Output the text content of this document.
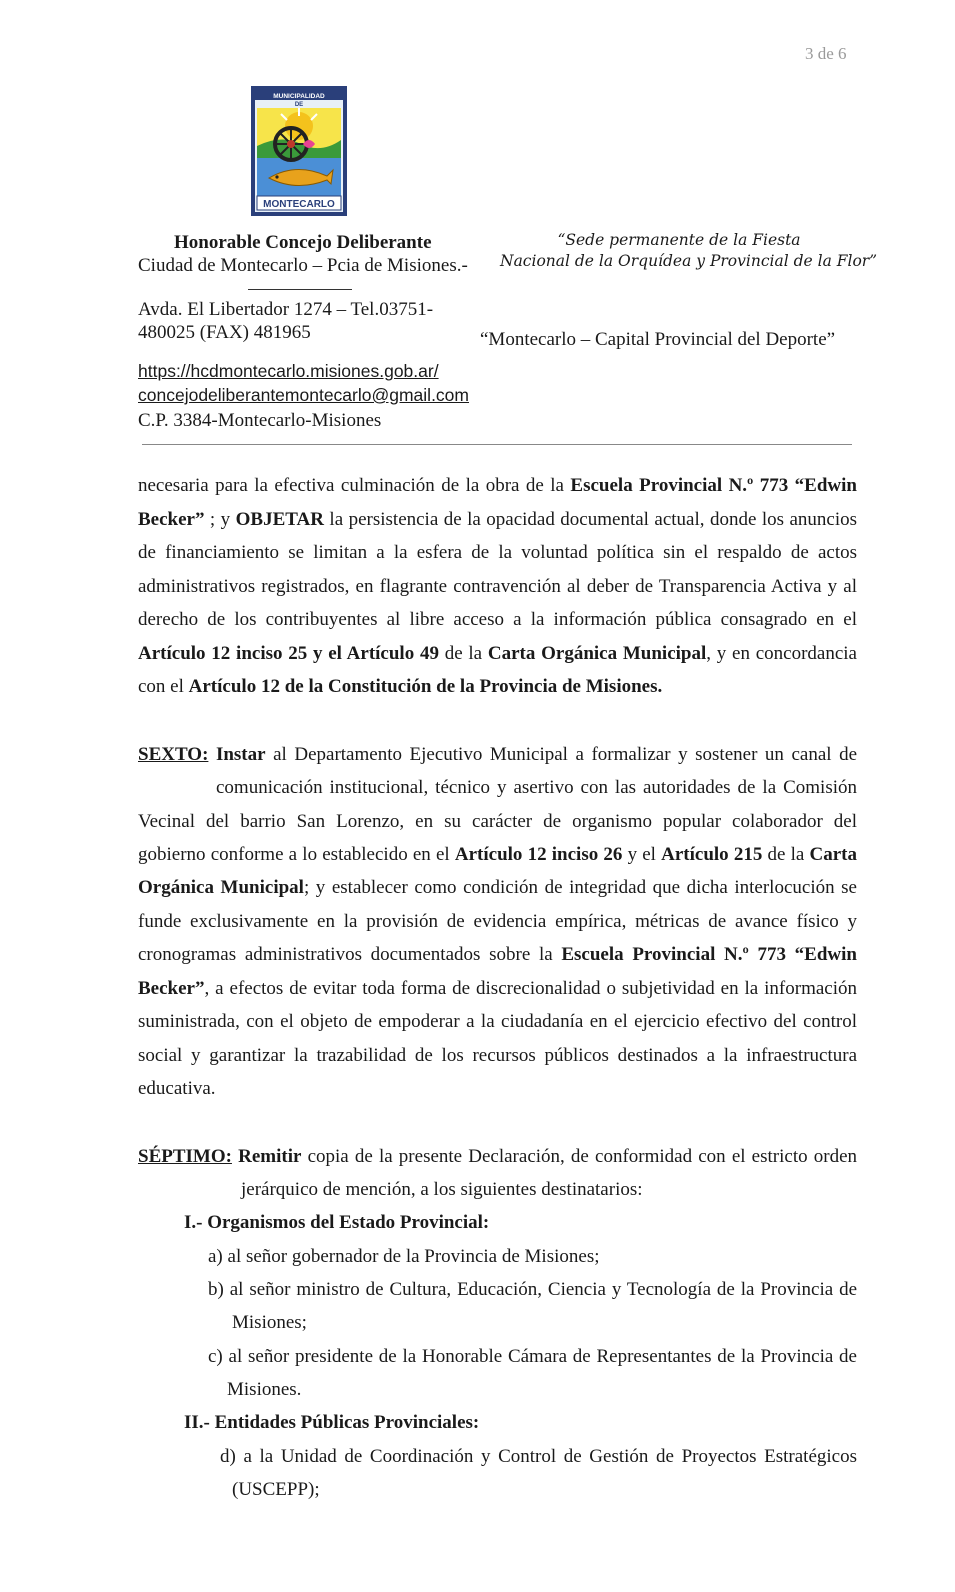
3 de 6
MUNICIPALIDAD
DE
MONTECARLO
Honorable Concejo Deliberante
Ciudad de Montecarlo – Pcia de Misiones.-
Avda. El Libertador 1274 – Tel.03751-
480025 (FAX) 481965
https://hcdmontecarlo.misiones.gob.ar/
concejodeliberantemontecarlo@gmail.com
C.P. 3384-Montecarlo-Misiones
“Sede permanente de la Fiesta
Nacional de la Orquídea y Provincial de la Flor”
“Montecarlo – Capital Provincial del Deporte”
necesaria para la efectiva culminación de la obra de la Escuela Provincial N.º 773 “Edwin
Becker” ; y OBJETAR la persistencia de la opacidad documental actual, donde los anuncios
de financiamiento se limitan a la esfera de la voluntad política sin el respaldo de actos
administrativos registrados, en flagrante contravención al deber de Transparencia Activa y al
derecho de los contribuyentes al libre acceso a la información pública consagrado en el
Artículo 12 inciso 25 y el Artículo 49 de la Carta Orgánica Municipal, y en concordancia
con el Artículo 12 de la Constitución de la Provincia de Misiones.
SEXTO: Instar al Departamento Ejecutivo Municipal a formalizar y sostener un canal de
comunicación institucional, técnico y asertivo con las autoridades de la Comisión
Vecinal del barrio San Lorenzo, en su carácter de organismo popular colaborador del
gobierno conforme a lo establecido en el Artículo 12 inciso 26 y el Artículo 215 de la Carta
Orgánica Municipal; y establecer como condición de integridad que dicha interlocución se
funde exclusivamente en la provisión de evidencia empírica, métricas de avance físico y
cronogramas administrativos documentados sobre la Escuela Provincial N.º 773 “Edwin
Becker”, a efectos de evitar toda forma de discrecionalidad o subjetividad en la información
suministrada, con el objeto de empoderar a la ciudadanía en el ejercicio efectivo del control
social y garantizar la trazabilidad de los recursos públicos destinados a la infraestructura
educativa.
SÉPTIMO: Remitir copia de la presente Declaración, de conformidad con el estricto orden
jerárquico de mención, a los siguientes destinatarios:
I.- Organismos del Estado Provincial:
a) al señor gobernador de la Provincia de Misiones;
b) al señor ministro de Cultura, Educación, Ciencia y Tecnología de la Provincia de
Misiones;
c) al señor presidente de la Honorable Cámara de Representantes de la Provincia de
Misiones.
II.- Entidades Públicas Provinciales:
d) a la Unidad de Coordinación y Control de Gestión de Proyectos Estratégicos
(USCEPP);
